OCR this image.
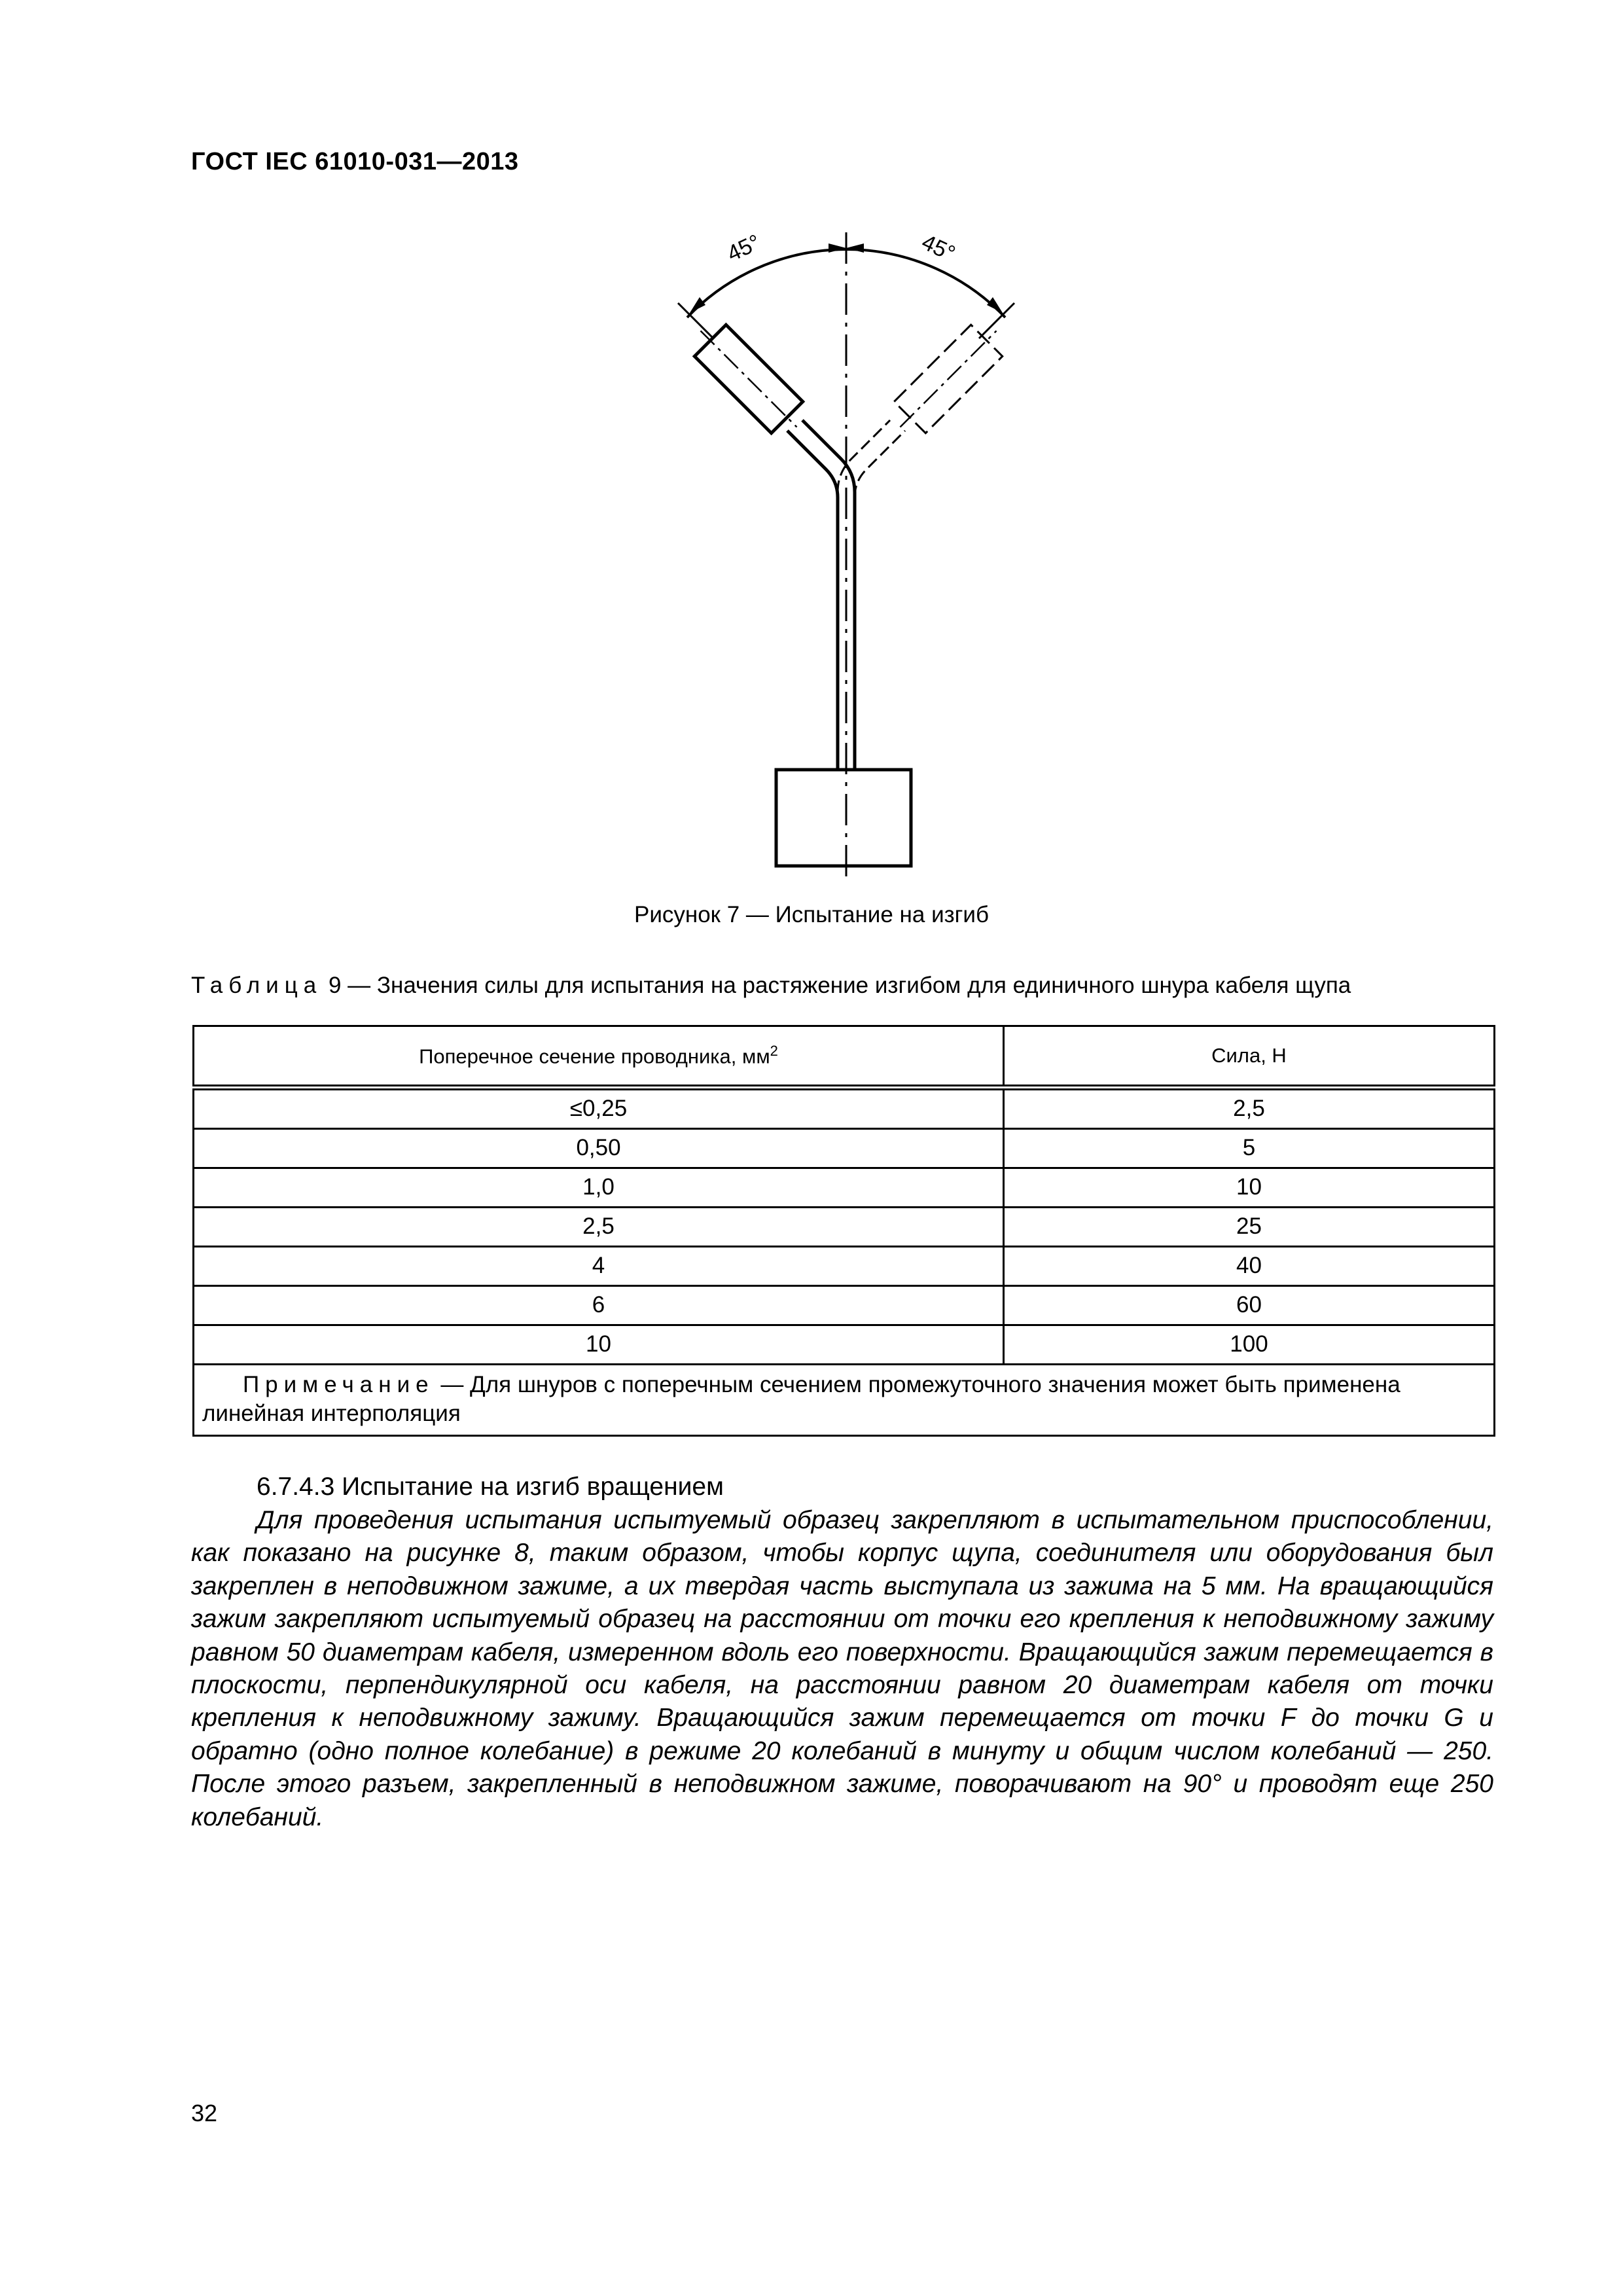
ГОСТ IEC 61010-031—2013
45°	45°
Рисунок 7 — Испытание на изгиб
Таблица 9 — Значения силы для испытания на растяжение изгибом для единичного шнура кабеля щупа
Поперечное сечение проводника, $мм^2$	Сила, Н
≤0,25	2,5
0,50	5
1,0	10
2,5	25
4	40
6	60
10	100
Примечание — Для шнуров с поперечным сечением промежуточного значения может быть применена линейная интерполяция	
6.7.4.3 Испытание на изгиб вращением

Для проведения испытания испытуемый образец закрепляют в испытательном приспособлении, как показано на рисунке 8, таким образом, чтобы корпус щупа, соединителя или оборудования был закреплен в неподвижном зажиме, а их твердая часть выступала из зажима на 5 мм. На вращающийся зажим закрепляют испытуемый образец на расстоянии от точки его крепления к неподвижному зажиму равном 50 диаметрам кабеля, измеренном вдоль его поверхности. Вращающийся зажим перемещается в плоскости, перпендикулярной оси кабеля, на расстоянии равном 20 диаметрам кабеля от точки крепления к неподвижному зажиму. Вращающийся зажим перемещается от точки F до точки G и обратно (одно полное колебание) в режиме 20 колебаний в минуту и общим числом колебаний — 250. После этого разъем, закрепленный в неподвижном зажиме, поворачивают на 90° и проводят еще 250 колебаний.

32
